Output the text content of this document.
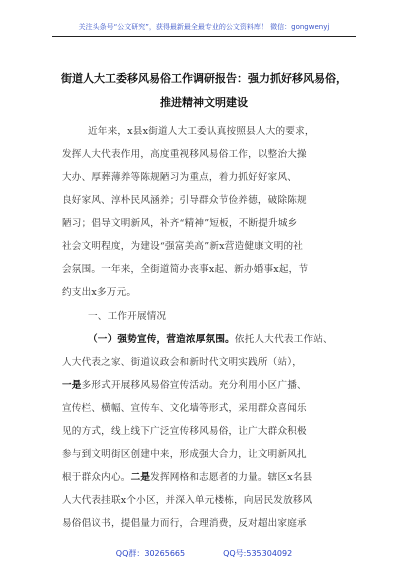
关注头条号“公文研究”，获得最新最全最专业的公文资料库！ 微信：gongwenyj
街道人大工委移风易俗工作调研报告：强力抓好移风易俗，
推进精神文明建设
近年来，x县x街道人大工委认真按照县人大的要求，
发挥人大代表作用，高度重视移风易俗工作，以整治大操
大办、厚葬薄养等陈规陋习为重点，着力抓好好家风、
良好家风、淳朴民风涵养；引导群众节俭养德，破除陈规
陋习；倡导文明新风，补齐“精神”短板，不断提升城乡
社会文明程度，为建设“强富美高”新x营造健康文明的社
会氛围。一年来，全街道简办丧事x起、新办婚事x起，节
约支出x多万元。
一、工作开展情况
（一）强势宣传，营造浓厚氛围。依托人大代表工作站、
人大代表之家、街道议政会和新时代文明实践所（站），
一是多形式开展移风易俗宣传活动。充分利用小区广播、
宣传栏、横幅、宣传车、文化墙等形式，采用群众喜闻乐
见的方式，线上线下广泛宣传移风易俗，让广大群众积极
参与到文明街区创建中来，形成强大合力，让文明新风扎
根于群众内心。二是发挥网格和志愿者的力量。辖区x名县
人大代表挂联x个小区，并深入单元楼栋，向居民发放移风
易俗倡议书，提倡量力而行，合理消费，反对超出家庭承
QQ群：30265665	QQ号:535304092
